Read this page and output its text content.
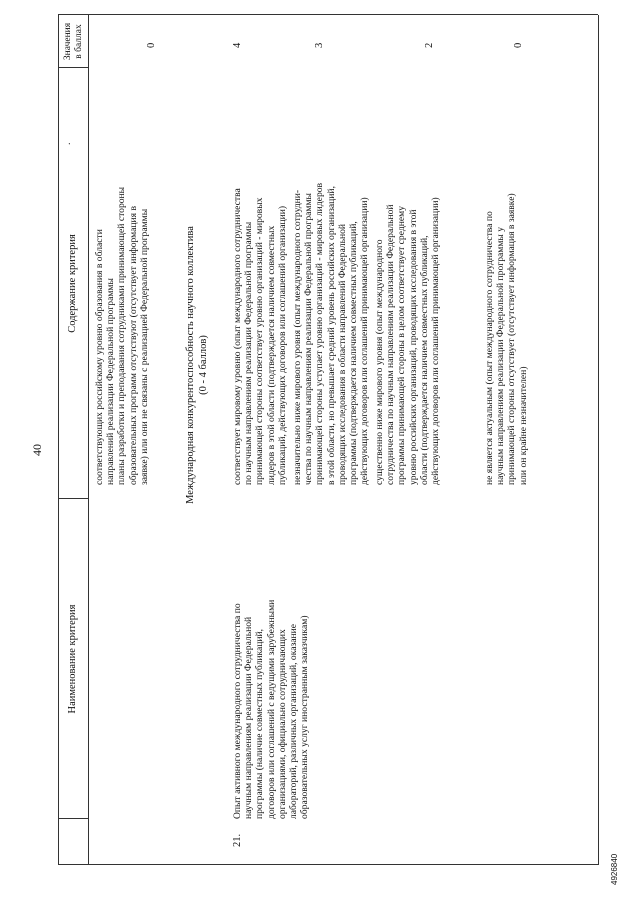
40
.
4926840
Наименование критерия
Содержание критерия
Значения в баллах
соответствующих российскому уровню образования в области направлений реализации Федеральной программы планы разработки и преподавания сотрудниками принимающей стороны образовательных программ отсутствуют (отсутствует информация в заявке) или они не связаны с реализацией Федеральной программы
0
Международная конкурентоспособность научного коллектива (0 - 4 баллов)
21.
Опыт активного международного сотрудничества по научным направлениям реализации Федеральной программы (наличие совместных публикаций, договоров или соглашений с ведущими зарубежными организациями, официально сотрудничающих лабораторий, различных организаций, оказание образовательных услуг иностранным заказчикам)
соответствует мировому уровню (опыт международного сотрудничества по научным направлениям реализации Федеральной программы принимающей стороны соответствует уровню организаций - мировых лидеров в этой области (подтверждается наличием совместных публикаций, действующих договоров или соглашений организации)
4
незначительно ниже мирового уровня (опыт международного сотрудни- чества по научным направлениям реализации Федеральной программы принимающей стороны уступает уровню организаций - мировых лидеров в этой области, но превышает средний уровень российских организаций, проводящих исследования в области направлений Федеральной программы (подтверждается наличием совместных публикаций, действующих договоров или соглашений принимающей организации)
3
существенно ниже мирового уровня (опыт международного сотрудничества по научным направлениям реализации Федеральной программы принимающей стороны в целом соответствует среднему уровню российских организаций, проводящих исследования в этой области (подтверждается наличием совместных публикаций, действующих договоров или соглашений принимающей организации)
2
не является актуальным (опыт международного сотрудничества по научным направлениям реализации Федеральной программы у принимающей стороны отсутствует (отсутствует информация в заявке) или он крайне незначителен)
0
